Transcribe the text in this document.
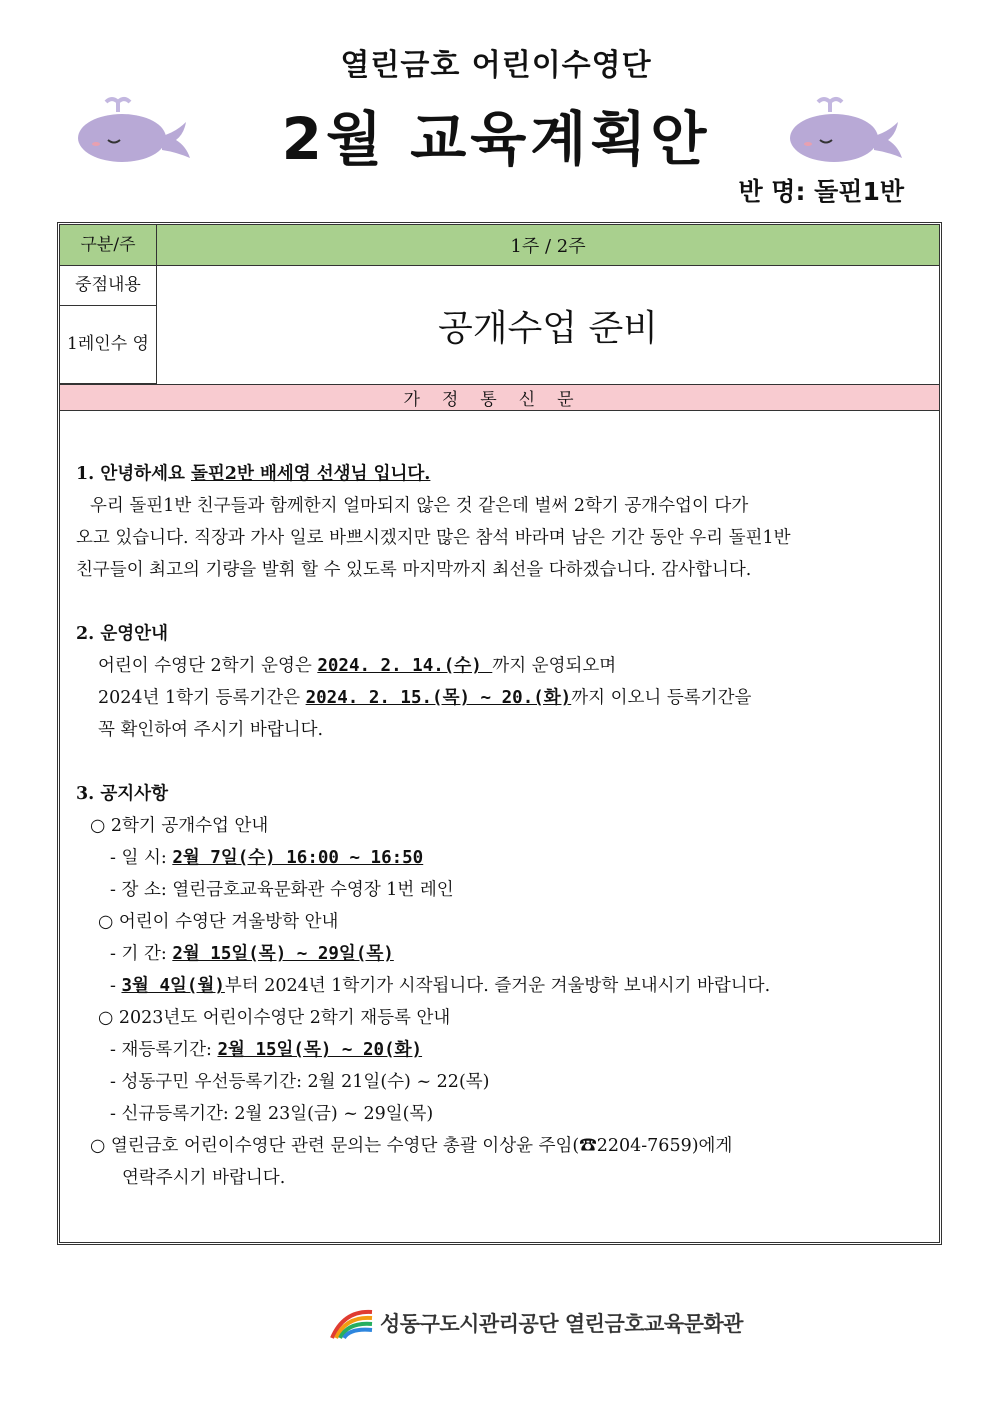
열린금호 어린이수영단
2월 교육계획안
반 명: 돌핀1반
구분/주	1주 / 2주
중점내용
1레인 수 영	공개수업 준비
가정통신문

1. 안녕하세요 돌핀2반 배세영 선생님 입니다.

우리 돌핀1반 친구들과 함께한지 얼마되지 않은 것 같은데 벌써 2학기 공개수업이 다가

오고 있습니다. 직장과 가사 일로 바쁘시겠지만 많은 참석 바라며 남은 기간 동안 우리 돌핀1반

친구들이 최고의 기량을 발휘 할 수 있도록 마지막까지 최선을 다하겠습니다. 감사합니다.

2. 운영안내

어린이 수영단 2학기 운영은 2024. 2. 14.(수) 까지 운영되오며

2024년 1학기 등록기간은 2024. 2. 15.(목) ~ 20.(화)까지 이오니 등록기간을

꼭 확인하여 주시기 바랍니다.

3. 공지사항

○ 2학기 공개수업 안내

- 일 시: 2월 7일(수) 16:00 ~ 16:50

- 장 소: 열린금호교육문화관 수영장 1번 레인

○ 어린이 수영단 겨울방학 안내

- 기 간: 2월 15일(목) ~ 29일(목)

- 3월 4일(월)부터 2024년 1학기가 시작됩니다. 즐거운 겨울방학 보내시기 바랍니다.

○ 2023년도 어린이수영단 2학기 재등록 안내

- 재등록기간: 2월 15일(목) ~ 20(화)

- 성동구민 우선등록기간: 2월 21일(수) ~ 22(목)

- 신규등록기간: 2월 23일(금) ~ 29일(목)

○ 열린금호 어린이수영단 관련 문의는 수영단 총괄 이상윤 주임(☎2204-7659)에게

연락주시기 바랍니다.

성동구도시관리공단 열린금호교육문화관
